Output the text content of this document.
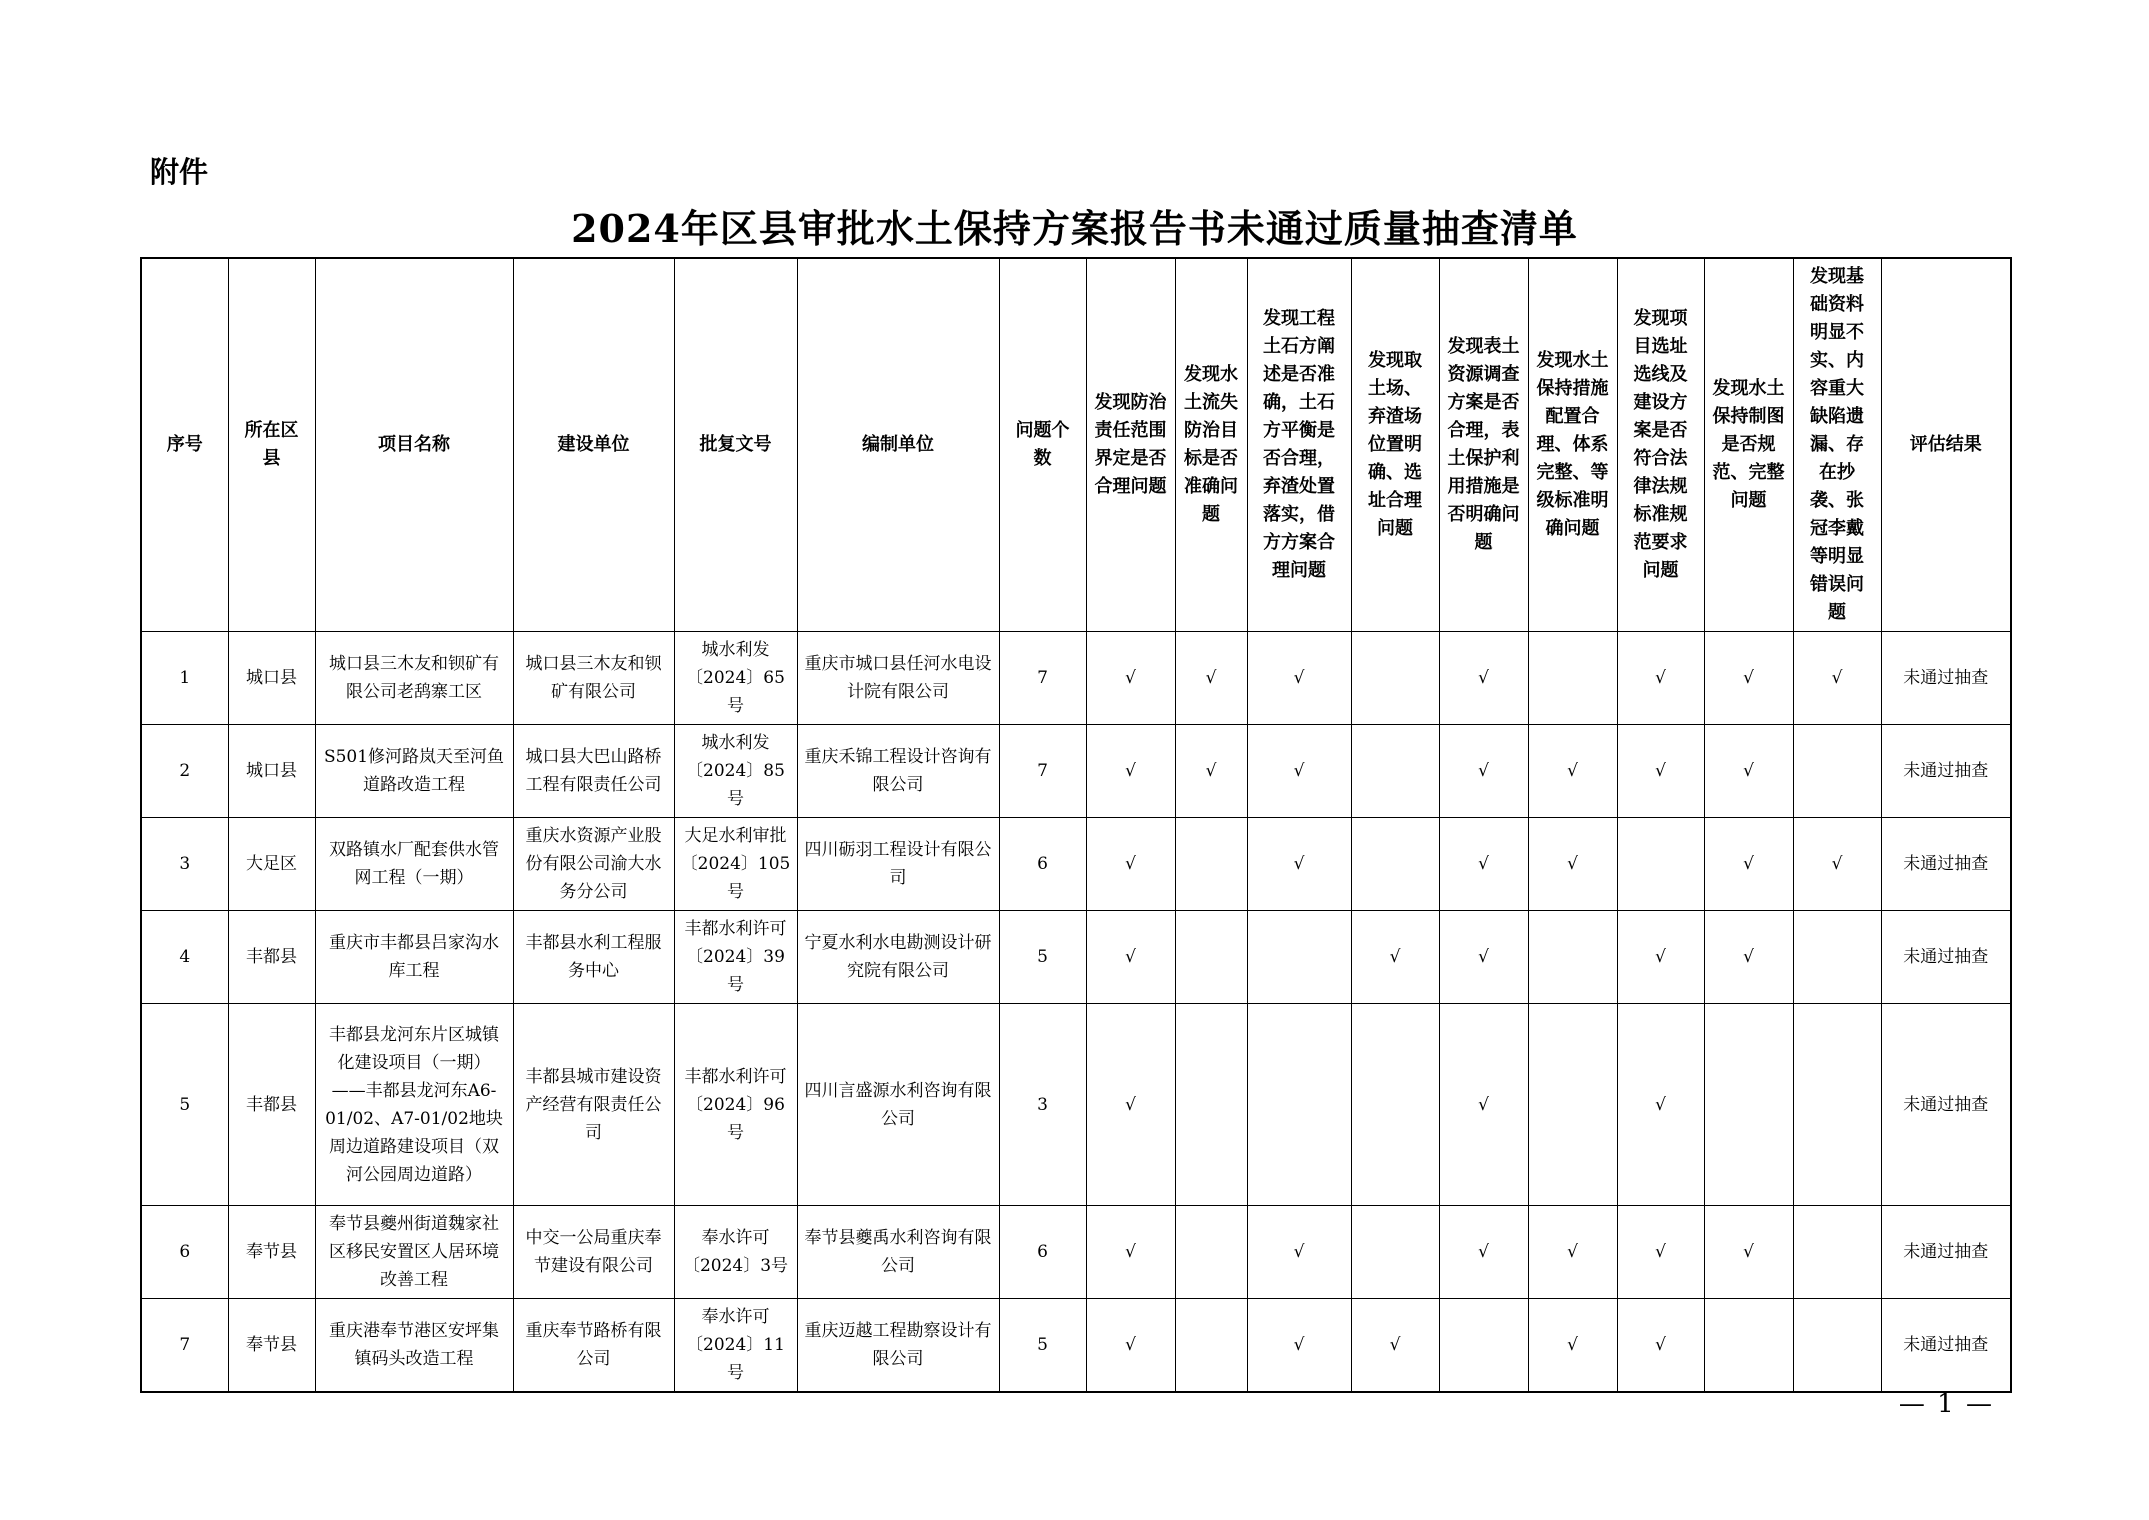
附件
2024年区县审批水土保持方案报告书未通过质量抽查清单
序号	所在区县	项目名称	建设单位	批复文号	编制单位	问题个数	发现防治责任范围界定是否合理问题	发现水土流失防治目标是否准确问题	发现工程土石方阐述是否准确，土石方平衡是否合理，弃渣处置落实，借方方案合理问题	发现取土场、弃渣场位置明确、选址合理问题	发现表土资源调查方案是否合理，表土保护利用措施是否明确问题	发现水土保持措施配置合理、体系完整、等级标准明确问题	发现项目选址选线及建设方案是否符合法律法规标准规范要求问题	发现水土保持制图是否规范、完整问题	发现基础资料明显不实、内容重大缺陷遗漏、存在抄袭、张冠李戴等明显错误问题	评估结果
1	城口县	城口县三木友和钡矿有限公司老鸹寨工区	城口县三木友和钡矿有限公司	城水利发〔2024〕65号	重庆市城口县任河水电设计院有限公司	7	√	√	√		√		√	√	√	未通过抽查
2	城口县	S501修河路岚天至河鱼道路改造工程	城口县大巴山路桥工程有限责任公司	城水利发〔2024〕85号	重庆禾锦工程设计咨询有限公司	7	√	√	√		√	√	√	√		未通过抽查
3	大足区	双路镇水厂配套供水管网工程（一期）	重庆水资源产业股份有限公司渝大水务分公司	大足水利审批〔2024〕105号	四川砺羽工程设计有限公司	6	√		√		√	√		√	√	未通过抽查
4	丰都县	重庆市丰都县吕家沟水库工程	丰都县水利工程服务中心	丰都水利许可〔2024〕39号	宁夏水利水电勘测设计研究院有限公司	5	√			√	√		√	√		未通过抽查
5	丰都县	丰都县龙河东片区城镇化建设项目（一期）——丰都县龙河东A6-01/02、A7-01/02地块周边道路建设项目（双河公园周边道路）	丰都县城市建设资产经营有限责任公司	丰都水利许可〔2024〕96号	四川言盛源水利咨询有限公司	3	√				√		√			未通过抽查
6	奉节县	奉节县夔州街道魏家社区移民安置区人居环境改善工程	中交一公局重庆奉节建设有限公司	奉水许可〔2024〕3号	奉节县夔禹水利咨询有限公司	6	√		√		√	√	√	√		未通过抽查
7	奉节县	重庆港奉节港区安坪集镇码头改造工程	重庆奉节路桥有限公司	奉水许可〔2024〕11号	重庆迈越工程勘察设计有限公司	5	√		√	√		√	√			未通过抽查
— 1 —
